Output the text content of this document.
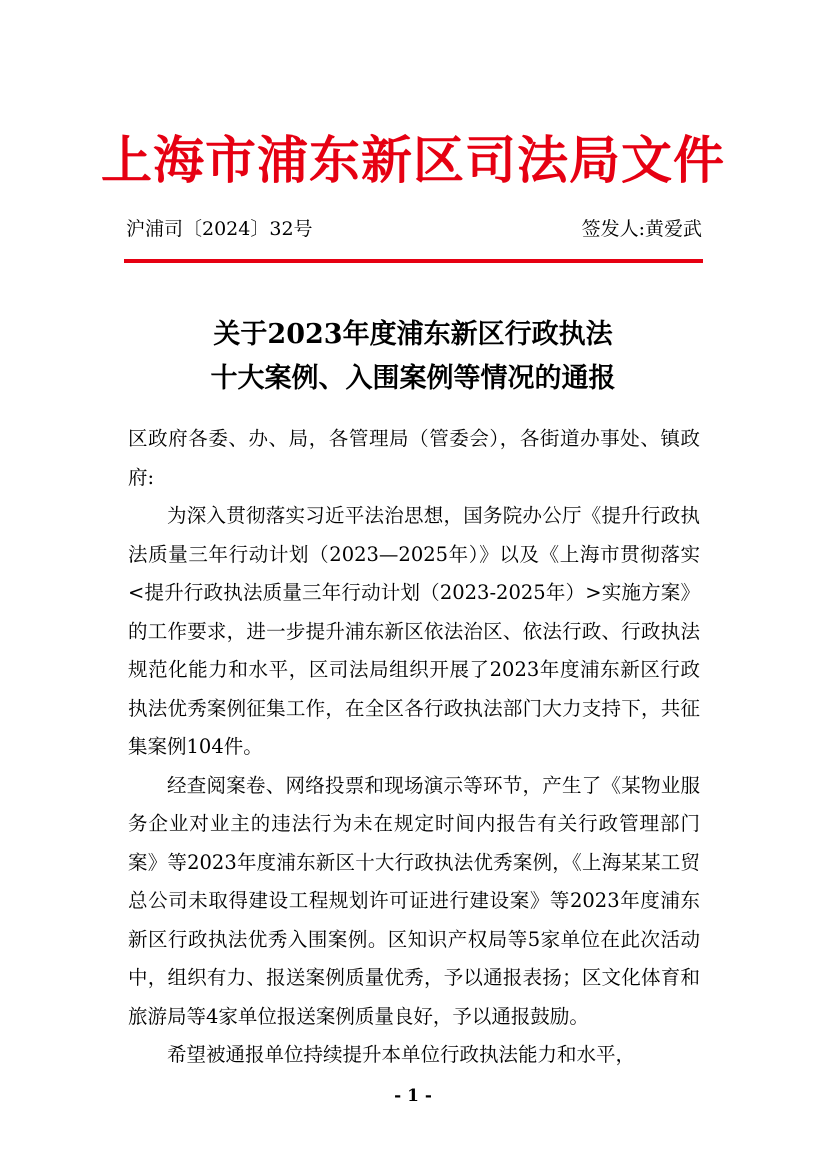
上海市浦东新区司法局文件
沪浦司〔2024〕32号	签发人:黄爱武
关于2023年度浦东新区行政执法
十大案例、入围案例等情况的通报

区政府各委、办、局，各管理局（管委会），各街道办事处、镇政府:

为深入贯彻落实习近平法治思想，国务院办公厅《提升行政执法质量三年行动计划（2023—2025年）》以及《上海市贯彻落实<提升行政执法质量三年行动计划（2023-2025年）>实施方案》的工作要求，进一步提升浦东新区依法治区、依法行政、行政执法规范化能力和水平，区司法局组织开展了2023年度浦东新区行政执法优秀案例征集工作，在全区各行政执法部门大力支持下，共征集案例104件。

经查阅案卷、网络投票和现场演示等环节，产生了《某物业服务企业对业主的违法行为未在规定时间内报告有关行政管理部门案》等2023年度浦东新区十大行政执法优秀案例，《上海某某工贸总公司未取得建设工程规划许可证进行建设案》等2023年度浦东新区行政执法优秀入围案例。区知识产权局等5家单位在此次活动中，组织有力、报送案例质量优秀，予以通报表扬；区文化体育和旅游局等4家单位报送案例质量良好，予以通报鼓励。

希望被通报单位持续提升本单位行政执法能力和水平，

- 1 -
